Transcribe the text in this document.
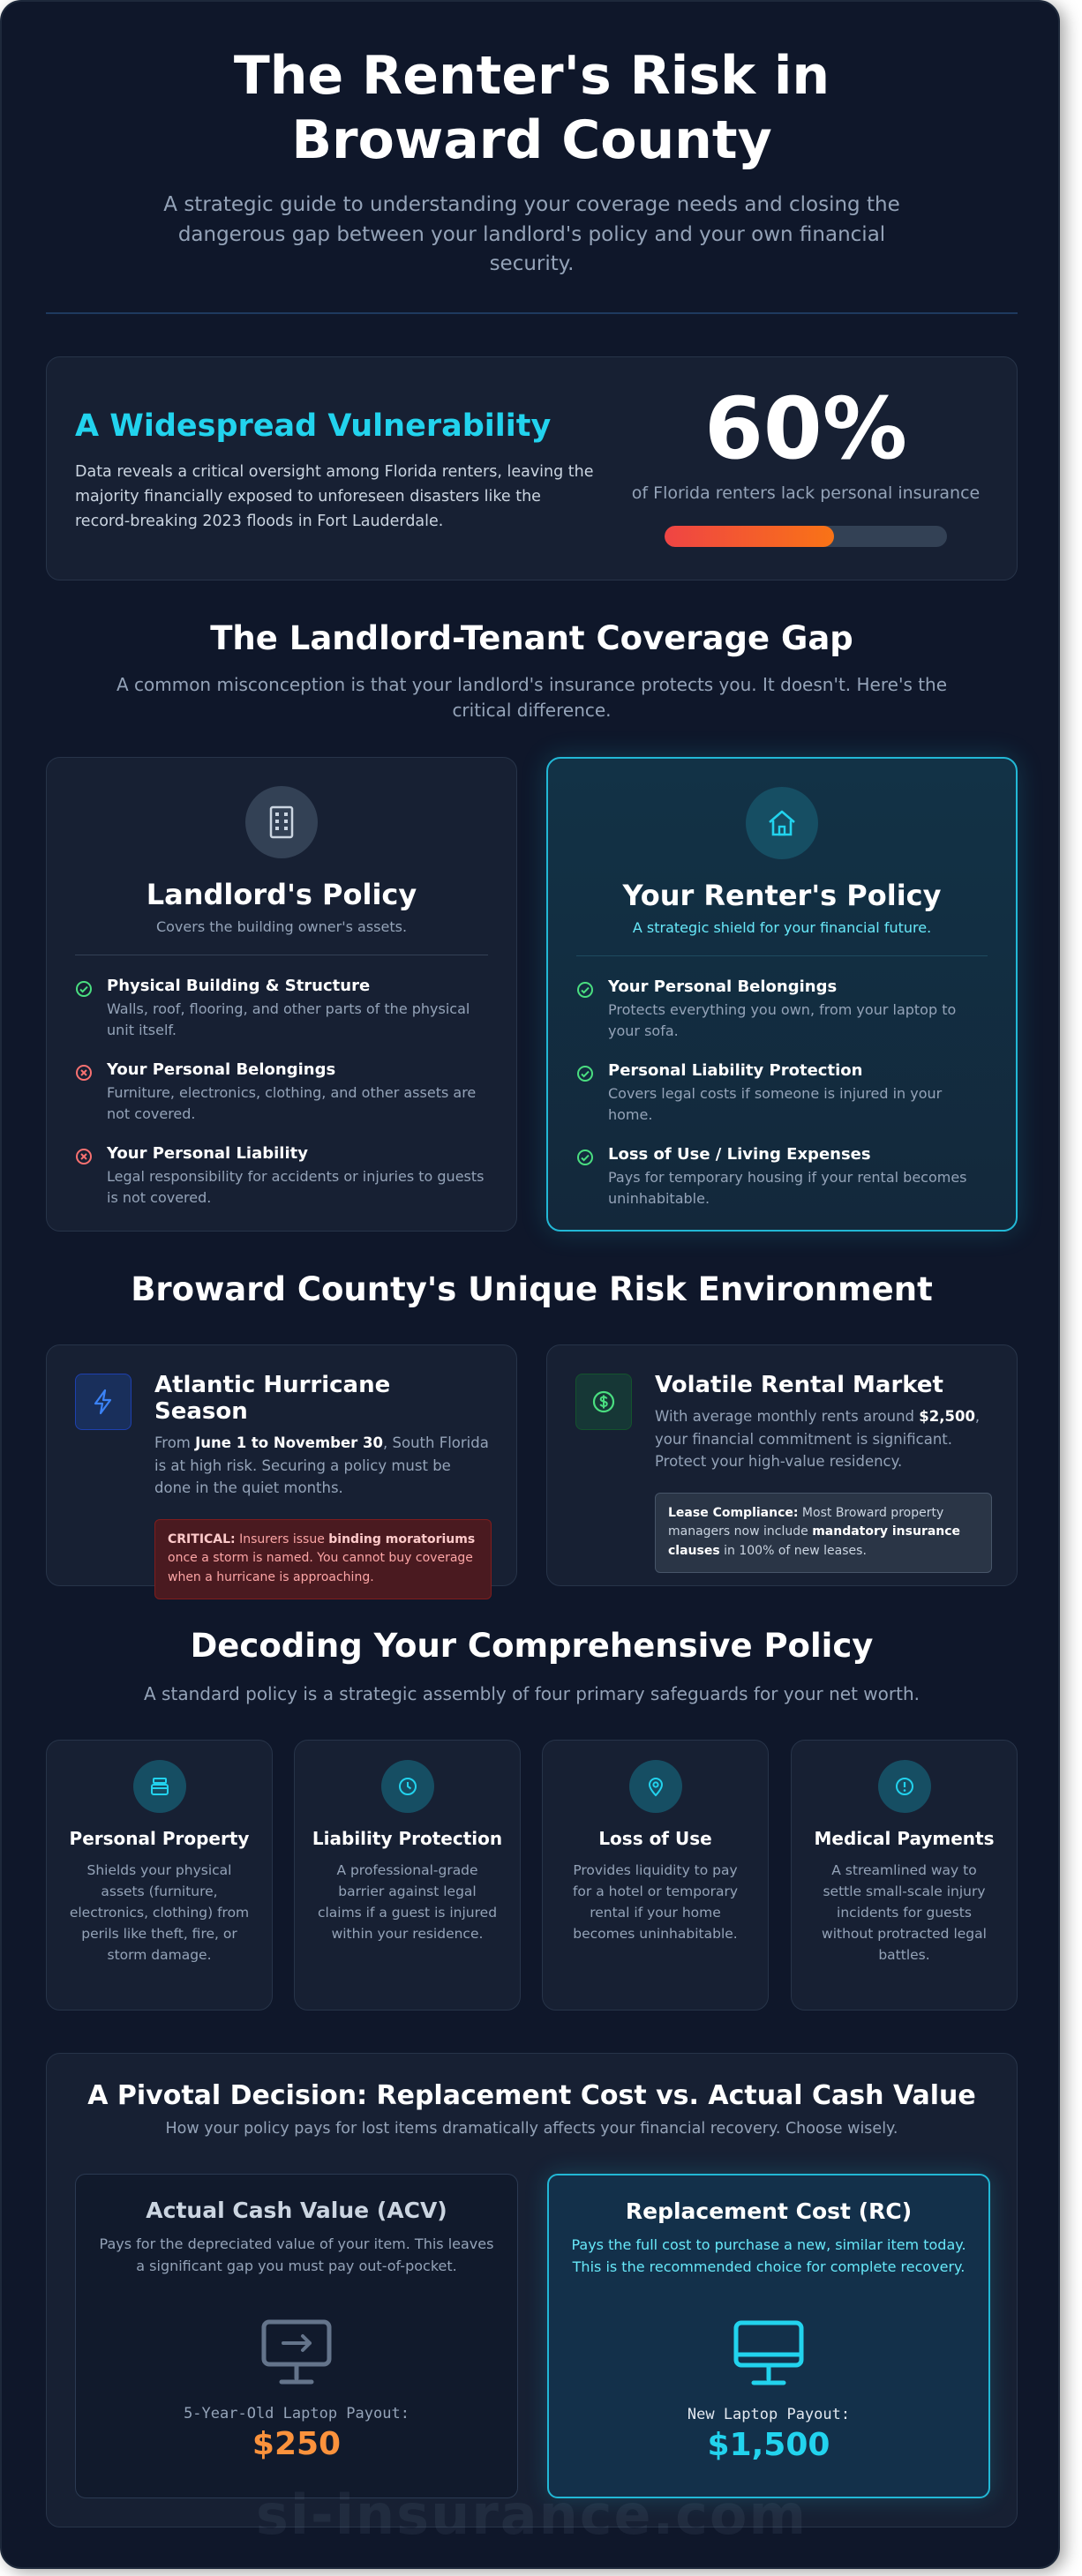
The Renter's Risk in Broward County

A strategic guide to understanding your coverage needs and closing the dangerous gap between your landlord's policy and your own financial security.

A Widespread Vulnerability

Data reveals a critical oversight among Florida renters, leaving the majority financially exposed to unforeseen disasters like the record-breaking 2023 floods in Fort Lauderdale.

60%
of Florida renters lack personal insurance
The Landlord-Tenant Coverage Gap
A common misconception is that your landlord's insurance protects you. It doesn't. Here's the critical difference.
Landlord's Policy
Covers the building owner's assets.
Physical Building & Structure
Walls, roof, flooring, and other parts of the physical unit itself.
Your Personal Belongings
Furniture, electronics, clothing, and other assets are not covered.
Your Personal Liability
Legal responsibility for accidents or injuries to guests is not covered.
Your Renter's Policy
A strategic shield for your financial future.
Your Personal Belongings
Protects everything you own, from your laptop to your sofa.
Personal Liability Protection
Covers legal costs if someone is injured in your home.
Loss of Use / Living Expenses
Pays for temporary housing if your rental becomes uninhabitable.
Broward County's Unique Risk Environment
Atlantic Hurricane Season
From June 1 to November 30, South Florida is at high risk. Securing a policy must be done in the quiet months.
CRITICAL: Insurers issue binding moratoriums once a storm is named. You cannot buy coverage when a hurricane is approaching.
Volatile Rental Market
With average monthly rents around $2,500, your financial commitment is significant. Protect your high-value residency.
Lease Compliance: Most Broward property managers now include mandatory insurance clauses in 100% of new leases.
Decoding Your Comprehensive Policy
A standard policy is a strategic assembly of four primary safeguards for your net worth.
Personal Property

Shields your physical assets (furniture, electronics, clothing) from perils like theft, fire, or storm damage.

Liability Protection

A professional-grade barrier against legal claims if a guest is injured within your residence.

Loss of Use

Provides liquidity to pay for a hotel or temporary rental if your home becomes uninhabitable.

Medical Payments

A streamlined way to settle small-scale injury incidents for guests without protracted legal battles.

A Pivotal Decision: Replacement Cost vs. Actual Cash Value
How your policy pays for lost items dramatically affects your financial recovery. Choose wisely.
Actual Cash Value (ACV)
Pays for the depreciated value of your item. This leaves a significant gap you must pay out-of-pocket.
5-Year-Old Laptop Payout:
$250
Replacement Cost (RC)
Pays the full cost to purchase a new, similar item today. This is the recommended choice for complete recovery.
New Laptop Payout:
$1,500
si-insurance.com
